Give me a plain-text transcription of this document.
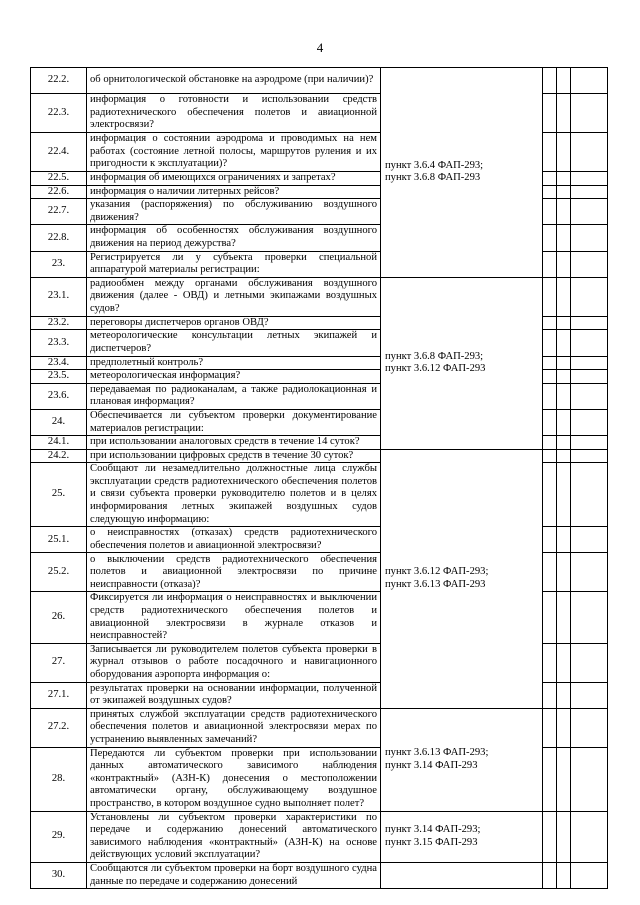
4
22.2.	об орнитологической обстановке на аэродроме (при наличии)?	пункт 3.6.4 ФАП-293;
пункт 3.6.8 ФАП-293			

22.3.	информация о готовности и использовании средств радиотехнического обеспечения полетов и авиационной электросвязи?				
22.4.	информация о состоянии аэродрома и проводимых на нем работах (состояние летной полосы, маршрутов руления и их пригодности к эксплуатации)?				
22.5.	информация об имеющихся ограничениях и запретах?				
22.6.	информация о наличии литерных рейсов?				
22.7.	указания (распоряжения) по обслуживанию воздушного движения?				
22.8.	информация об особенностях обслуживания воздушного движения на период дежурства?				
23.	Регистрируется ли у субъекта проверки специальной аппаратурой материалы регистрации:				
23.1.	радиообмен между органами обслуживания воздушного движения (далее - ОВД) и летными экипажами воздушных судов?	пункт 3.6.8 ФАП-293;
пункт 3.6.12 ФАП-293			

23.2.	переговоры диспетчеров органов ОВД?				
23.3.	метеорологические консультации летных экипажей и диспетчеров?				
23.4.	предполетный контроль?				
23.5.	метеорологическая информация?				
23.6.	передаваемая по радиоканалам, а также радиолокационная и плановая информация?				
24.	Обеспечивается ли субъектом проверки документирование материалов регистрации:				
24.1.	при использовании аналоговых средств в течение 14 суток?				
24.2.	при использовании цифровых средств в течение 30 суток?	пункт 3.6.12 ФАП-293;
пункт 3.6.13 ФАП-293			

25.	Сообщают ли незамедлительно должностные лица службы эксплуатации средств радиотехнического обеспечения полетов и связи субъекта проверки руководителю полетов и в целях информирования летных экипажей воздушных судов следующую информацию:				
25.1.	о неисправностях (отказах) средств радиотехнического обеспечения полетов и авиационной электросвязи?				
25.2.	о выключении средств радиотехнического обеспечения полетов и авиационной электросвязи по причине неисправности (отказа)?				
26.	Фиксируется ли информация о неисправностях и выключении средств радиотехнического обеспечения полетов и авиационной электросвязи в журнале отказов и неисправностей?				
27.	Записывается ли руководителем полетов субъекта проверки в журнал отзывов о работе посадочного и навигационного оборудования аэропорта информация о:				
27.1.	результатах проверки на основании информации, полученной от экипажей воздушных судов?				
27.2.	принятых службой эксплуатации средств радиотехнического обеспечения полетов и авиационной электросвязи мерах по устранению выявленных замечаний?	пункт 3.6.13 ФАП-293;
пункт 3.14 ФАП-293			

28.	Передаются ли субъектом проверки при использовании данных автоматического зависимого наблюдения «контрактный» (АЗН-К) донесения о местоположении автоматически органу, обслуживающему воздушное пространство, в котором воздушное судно выполняет полет?				
29.	Установлены ли субъектом проверки характеристики по передаче и содержанию донесений автоматического зависимого наблюдения «контрактный» (АЗН-К) на основе действующих условий эксплуатации?	пункт 3.14 ФАП-293;
пункт 3.15 ФАП-293			

30.	Сообщаются ли субъектом проверки на борт воздушного судна данные по передаче и содержанию донесений				
